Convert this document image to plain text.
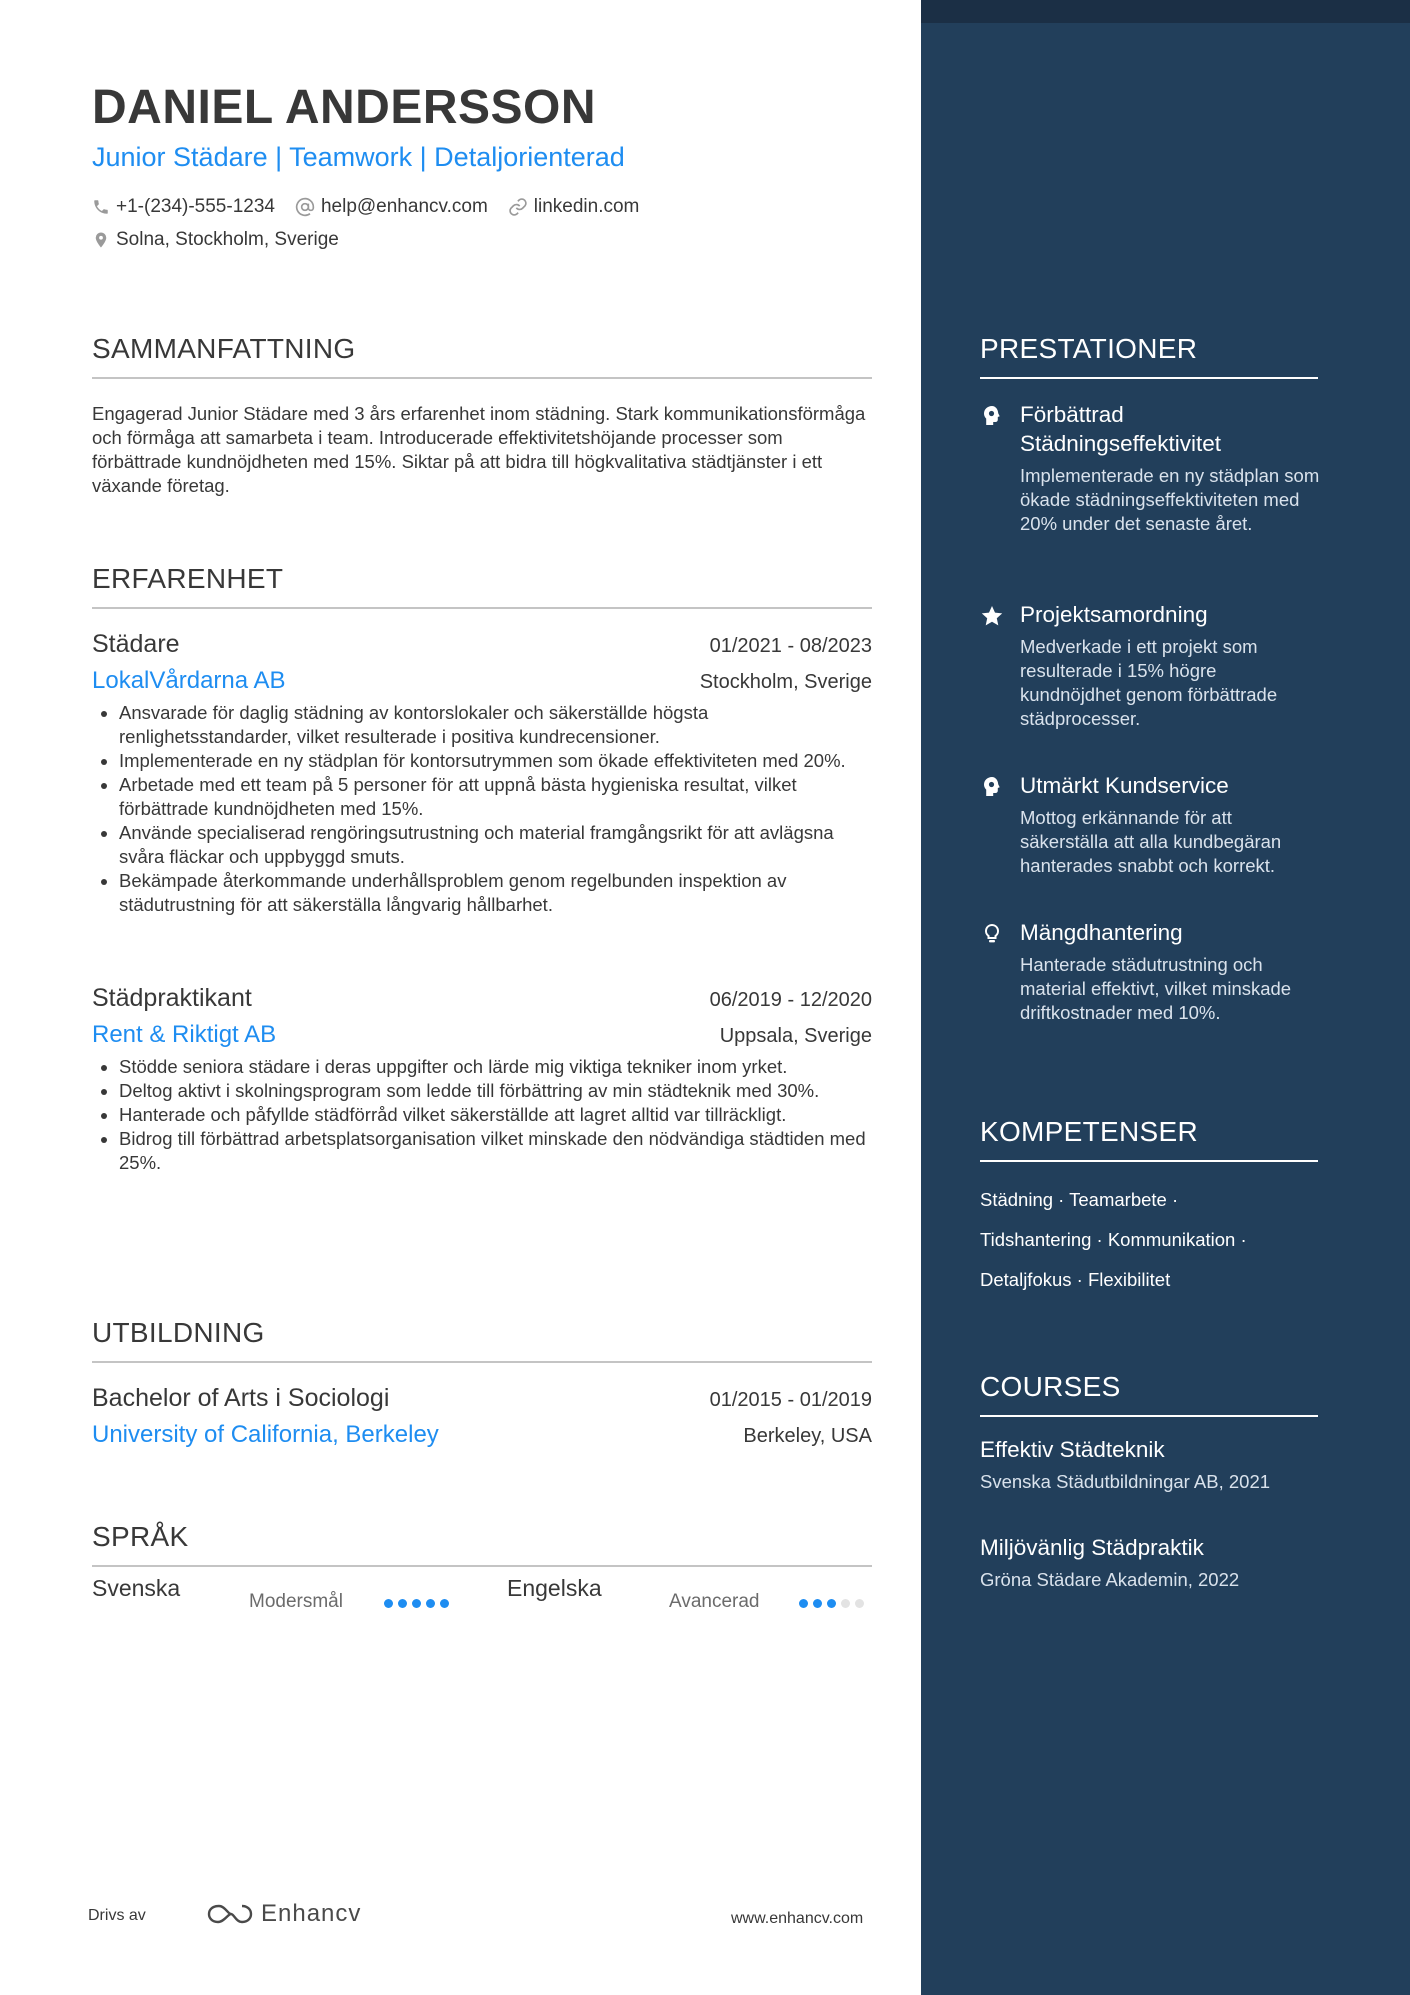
DANIEL ANDERSSON
Junior Städare | Teamwork | Detaljorienterad
+1-(234)-555-1234 help@enhancv.com linkedin.com
Solna, Stockholm, Sverige
SAMMANFATTNING
Engagerad Junior Städare med 3 års erfarenhet inom städning. Stark kommunikationsförmåga och förmåga att samarbeta i team. Introducerade effektivitetshöjande processer som förbättrade kundnöjdheten med 15%. Siktar på att bidra till högkvalitativa städtjänster i ett växande företag.
ERFARENHET
Städare	01/2021 - 08/2023
LokalVårdarna AB	Stockholm, Sverige
• Ansvarade för daglig städning av kontorslokaler och säkerställde högsta renlighetsstandarder, vilket resulterade i positiva kundrecensioner.
• Implementerade en ny städplan för kontorsutrymmen som ökade effektiviteten med 20%.
• Arbetade med ett team på 5 personer för att uppnå bästa hygieniska resultat, vilket förbättrade kundnöjdheten med 15%.
• Använde specialiserad rengöringsutrustning och material framgångsrikt för att avlägsna svåra fläckar och uppbyggd smuts.
• Bekämpade återkommande underhållsproblem genom regelbunden inspektion av städutrustning för att säkerställa långvarig hållbarhet.
Städpraktikant	06/2019 - 12/2020
Rent & Riktigt AB	Uppsala, Sverige
• Stödde seniora städare i deras uppgifter och lärde mig viktiga tekniker inom yrket.
• Deltog aktivt i skolningsprogram som ledde till förbättring av min städteknik med 30%.
• Hanterade och påfyllde städförråd vilket säkerställde att lagret alltid var tillräckligt.
• Bidrog till förbättrad arbetsplatsorganisation vilket minskade den nödvändiga städtiden med 25%.
UTBILDNING
Bachelor of Arts i Sociologi	01/2015 - 01/2019
University of California, Berkeley	Berkeley, USA
SPRÅK
Svenska
Modersmål
Engelska
Avancerad
Drivs av	Enhancv	www.enhancv.com
PRESTATIONER
Förbättrad Städningseffektivitet
Implementerade en ny städplan som ökade städningseffektiviteten med 20% under det senaste året.
Projektsamordning
Medverkade i ett projekt som resulterade i 15% högre kundnöjdhet genom förbättrade städprocesser.
Utmärkt Kundservice
Mottog erkännande för att säkerställa att alla kundbegäran hanterades snabbt och korrekt.
Mängdhantering
Hanterade städutrustning och material effektivt, vilket minskade driftkostnader med 10%.
KOMPETENSER
Städning · Teamarbete ·
Tidshantering · Kommunikation ·
Detaljfokus · Flexibilitet
COURSES
Effektiv Städteknik
Svenska Städutbildningar AB, 2021
Miljövänlig Städpraktik
Gröna Städare Akademin, 2022
